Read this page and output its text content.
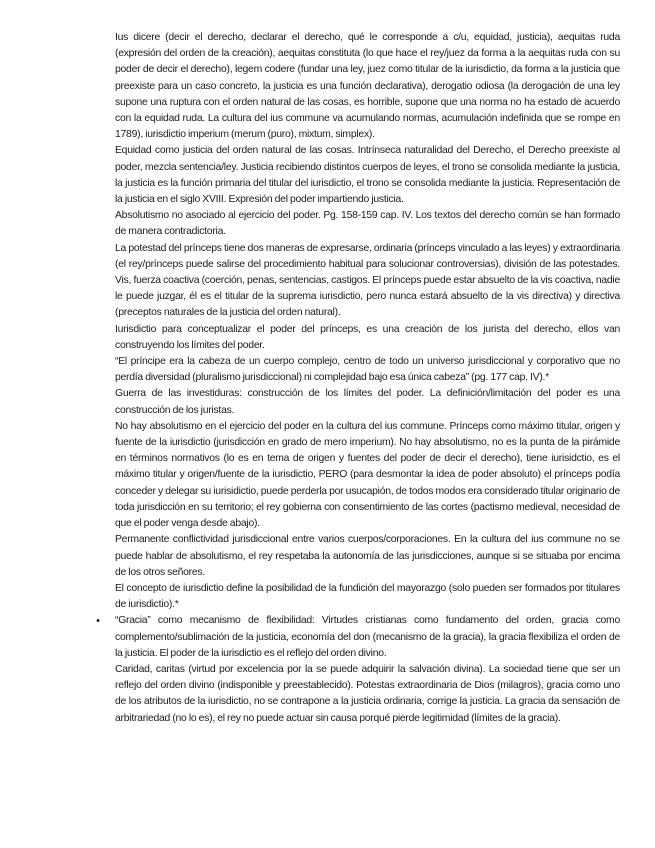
Ius dicere (decir el derecho, declarar el derecho, qué le corresponde a c/u, equidad, justicia), aequitas ruda (expresión del orden de la creación), aequitas constituta (lo que hace el rey/juez da forma a la aequitas ruda con su poder de decir el derecho), legem codere (fundar una ley, juez como titular de la iurisdictio, da forma a la justicia que preexiste para un caso concreto, la justicia es una función declarativa), derogatio odiosa (la derogación de una ley supone una ruptura con el orden natural de las cosas, es horrible, supone que una norma no ha estado de acuerdo con la equidad ruda. La cultura del ius commune va acumulando normas, acumulación indefinida que se rompe en 1789), iurisdictio imperium (merum (puro), mixtum, simplex).

Equidad como justicia del orden natural de las cosas. Intrínseca naturalidad del Derecho, el Derecho preexiste al poder, mezcla sentencia/ley. Justicia recibiendo distintos cuerpos de leyes, el trono se consolida mediante la justicia, la justicia es la función primaria del titular del iurisdictio, el trono se consolida mediante la justicia. Representación de la justicia en el siglo XVIII. Expresión del poder impartiendo justicia.

Absolutismo no asociado al ejercicio del poder. Pg. 158-159 cap. IV. Los textos del derecho común se han formado de manera contradictoria.

La potestad del prínceps tiene dos maneras de expresarse, ordinaria (prínceps vinculado a las leyes) y extraordinaria (el rey/prínceps puede salirse del procedimiento habitual para solucionar controversias), división de las potestades. Vis, fuerza coactiva (coerción, penas, sentencias, castigos. El prínceps puede estar absuelto de la vis coactiva, nadie le puede juzgar, él es el titular de la suprema iurisdictio, pero nunca estará absuelto de la vis directiva) y directiva (preceptos naturales de la justicia del orden natural).

Iurisdictio para conceptualizar el poder del prínceps, es una creación de los jurista del derecho, ellos van construyendo los límites del poder.

“El príncipe era la cabeza de un cuerpo complejo, centro de todo un universo jurisdiccional y corporativo que no perdía diversidad (pluralismo jurisdiccional) ni complejidad bajo esa única cabeza” (pg. 177 cap. IV).*

Guerra de las investiduras: construcción de los límites del poder. La definición/limitación del poder es una construcción de los juristas.

No hay absolutismo en el ejercicio del poder en la cultura del ius commune. Prínceps como máximo titular, origen y fuente de la iurisdictio (jurisdicción en grado de mero imperium). No hay absolutismo, no es la punta de la pirámide en términos normativos (lo es en tema de origen y fuentes del poder de decir el derecho), tiene iurisidctio, es el máximo titular y origen/fuente de la iurisdictio, PERO (para desmontar la idea de poder absoluto) el prínceps podía conceder y delegar su iurisidictio, puede perderla por usucapión, de todos modos era considerado titular originario de toda jurisdicción en su territorio; el rey gobierna con consentimiento de las cortes (pactismo medieval, necesidad de que el poder venga desde abajo).

Permanente conflictividad jurisdiccional entre varios cuerpos/corporaciones. En la cultura del ius commune no se puede hablar de absolutismo, el rey respetaba la autonomía de las jurisdicciones, aunque si se situaba por encima de los otros señores.

El concepto de iurisdictio define la posibilidad de la fundición del mayorazgo (solo pueden ser formados por titulares de iurisdictio).*

• “Gracia” como mecanismo de flexibilidad: Virtudes cristianas como fundamento del orden, gracia como complemento/sublimación de la justicia, economía del don (mecanismo de la gracia), la gracia flexibiliza el orden de la justicia. El poder de la iurisdictio es el reflejo del orden divino.

Caridad, caritas (virtud por excelencia por la se puede adquirir la salvación divina). La sociedad tiene que ser un reflejo del orden divino (indisponible y preestablecido). Potestas extraordinaria de Dios (milagros), gracia como uno de los atributos de la iurisdictio, no se contrapone a la justicia ordinaria, corrige la justicia. La gracia da sensación de arbitrariedad (no lo es), el rey no puede actuar sin causa porqué pierde legitimidad (límites de la gracia).
